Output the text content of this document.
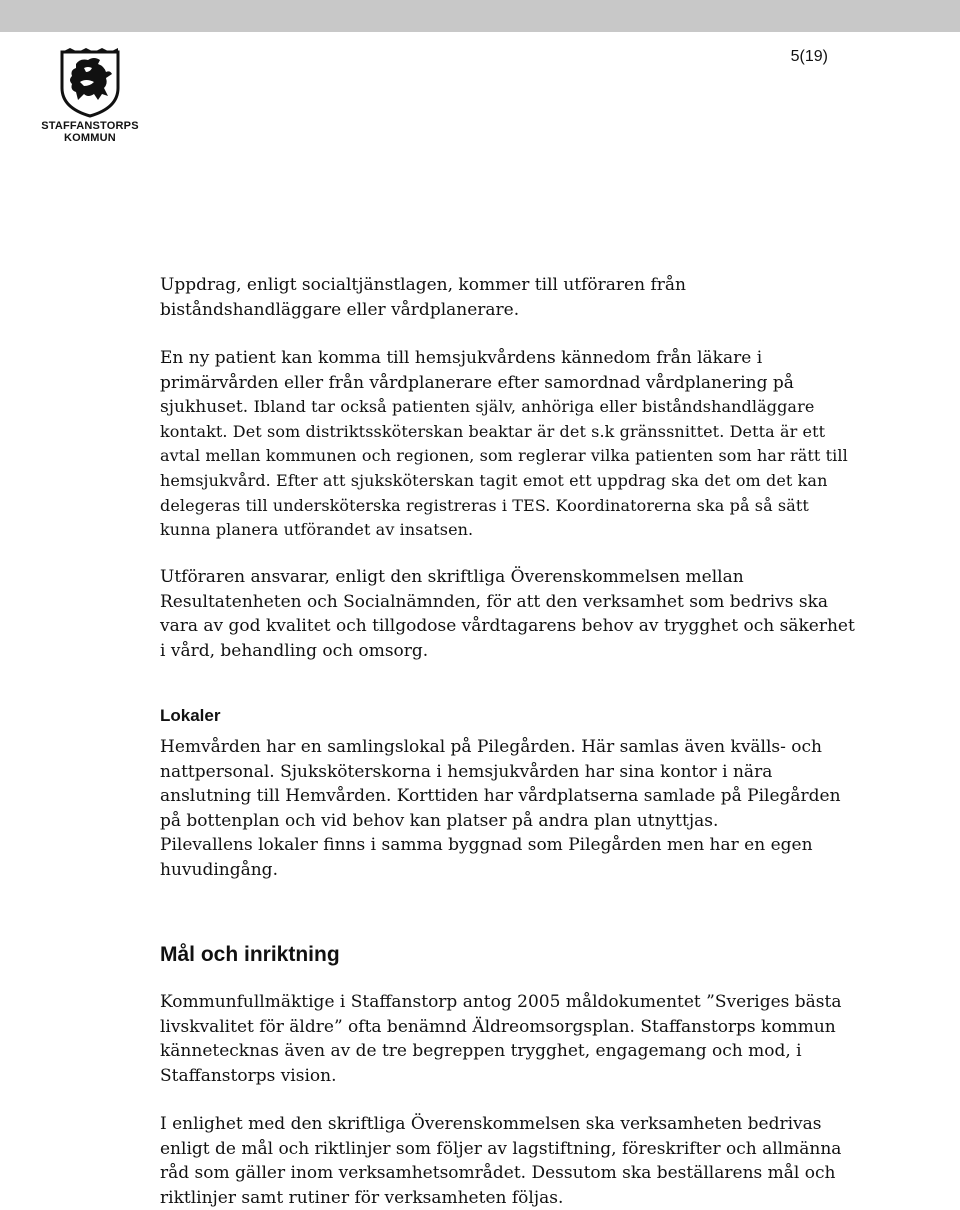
STAFFANSTORPS
KOMMUN
5(19)

Uppdrag, enligt socialtjänstlagen, kommer till utföraren från biståndshandläggare eller vårdplanerare.

En ny patient kan komma till hemsjukvårdens kännedom från läkare i primärvården eller från vårdplanerare efter samordnad vårdplanering på sjukhuset. Ibland tar också patienten själv, anhöriga eller biståndshandläggare kontakt. Det som distriktssköterskan beaktar är det s.k gränssnittet. Detta är ett avtal mellan kommunen och regionen, som reglerar vilka patienten som har rätt till hemsjukvård. Efter att sjuksköterskan tagit emot ett uppdrag ska det om det kan delegeras till undersköterska registreras i TES. Koordinatorerna ska på så sätt kunna planera utförandet av insatsen.

Utföraren ansvarar, enligt den skriftliga Överenskommelsen mellan Resultatenheten och Socialnämnden, för att den verksamhet som bedrivs ska vara av god kvalitet och tillgodose vårdtagarens behov av trygghet och säkerhet i vård, behandling och omsorg.

Lokaler

Hemvården har en samlingslokal på Pilegården. Här samlas även kvälls- och nattpersonal. Sjuksköterskorna i hemsjukvården har sina kontor i nära anslutning till Hemvården. Korttiden har vårdplatserna samlade på Pilegården på bottenplan och vid behov kan platser på andra plan utnyttjas.

Pilevallens lokaler finns i samma byggnad som Pilegården men har en egen huvudingång.

Mål och inriktning

Kommunfullmäktige i Staffanstorp antog 2005 måldokumentet ”Sveriges bästa livskvalitet för äldre” ofta benämnd Äldreomsorgsplan. Staffanstorps kommun kännetecknas även av de tre begreppen trygghet, engagemang och mod, i Staffanstorps vision.

I enlighet med den skriftliga Överenskommelsen ska verksamheten bedrivas enligt de mål och riktlinjer som följer av lagstiftning, föreskrifter och allmänna råd som gäller inom verksamhetsområdet. Dessutom ska beställarens mål och riktlinjer samt rutiner för verksamheten följas.
